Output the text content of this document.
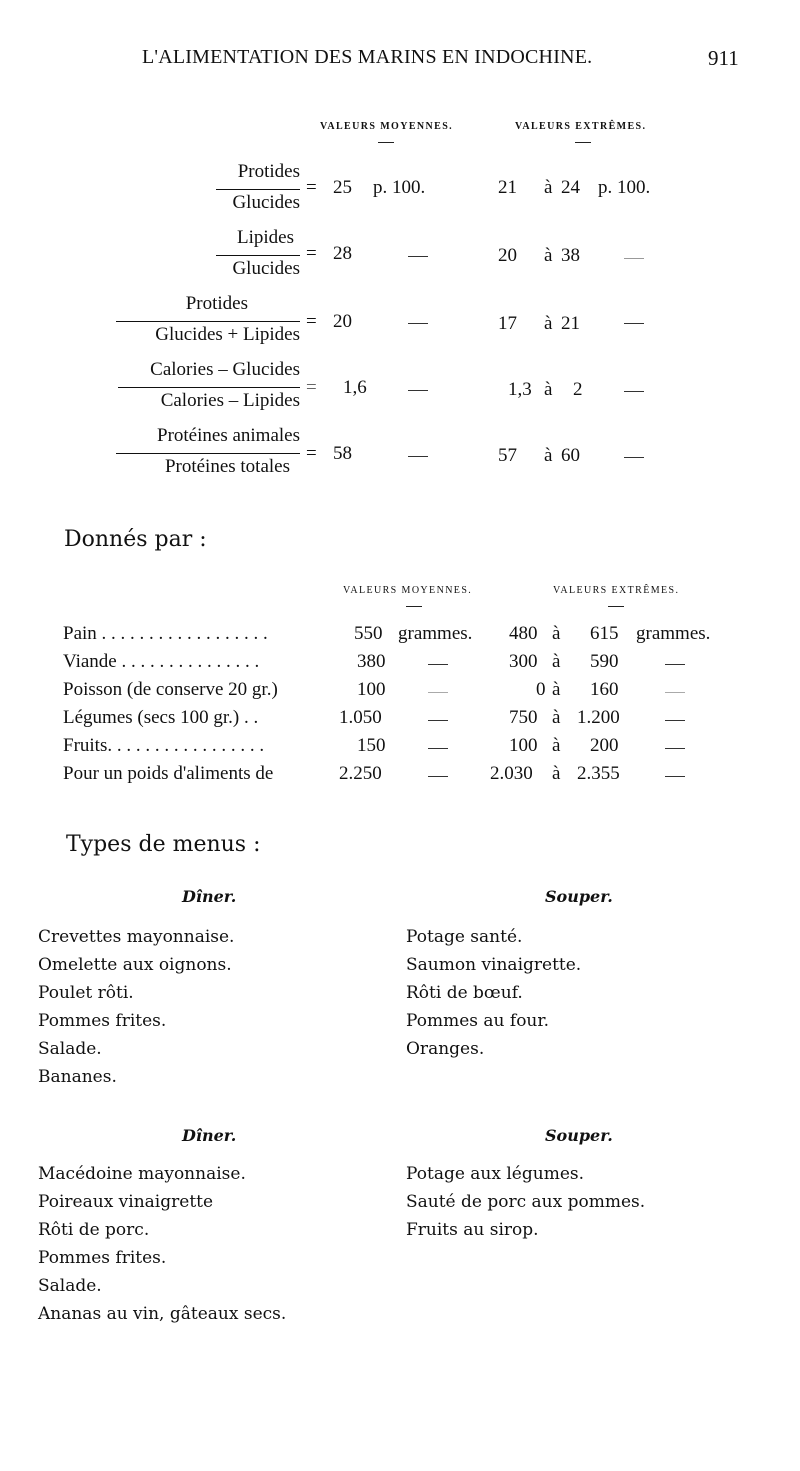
L'ALIMENTATION DES MARINS EN INDOCHINE.	911
VALEURS MOYENNES.	VALEURS EXTRÊMES.
Protides
Glucides
= 25 p. 100.	21 à 24 p. 100.
Lipides
Glucides
= 28	20 à 38
Protides
Glucides + Lipides
= 20	17 à 21
Calories – Glucides
Calories – Lipides
= 1,6	1,3 à 2
Protéines animales
Protéines totales
= 58	57 à 60
Donnés par :
VALEURS MOYENNES.	VALEURS EXTRÊMES.
Pain . . . . . . . . . . . . . . . . . .	550 grammes. 480 à 615 grammes.
Viande . . . . . . . . . . . . . . .	380	300 à 590
Poisson (de conserve 20 gr.)	100	0 à 160
Légumes (secs 100 gr.) . .	1.050	750 à 1.200
Fruits. . . . . . . . . . . . . . . . .	150	100 à 200
Pour un poids d'aliments de	2.250	2.030 à 2.355
Types de menus :
Dîner.	Souper.
Crevettes mayonnaise.
Omelette aux oignons.
Poulet rôti.
Pommes frites.
Salade.
Bananes.
Potage santé.
Saumon vinaigrette.
Rôti de bœuf.
Pommes au four.
Oranges.
Dîner.	Souper.
Macédoine mayonnaise.
Poireaux vinaigrette
Rôti de porc.
Pommes frites.
Salade.
Ananas au vin, gâteaux secs.
Potage aux légumes.
Sauté de porc aux pommes.
Fruits au sirop.
